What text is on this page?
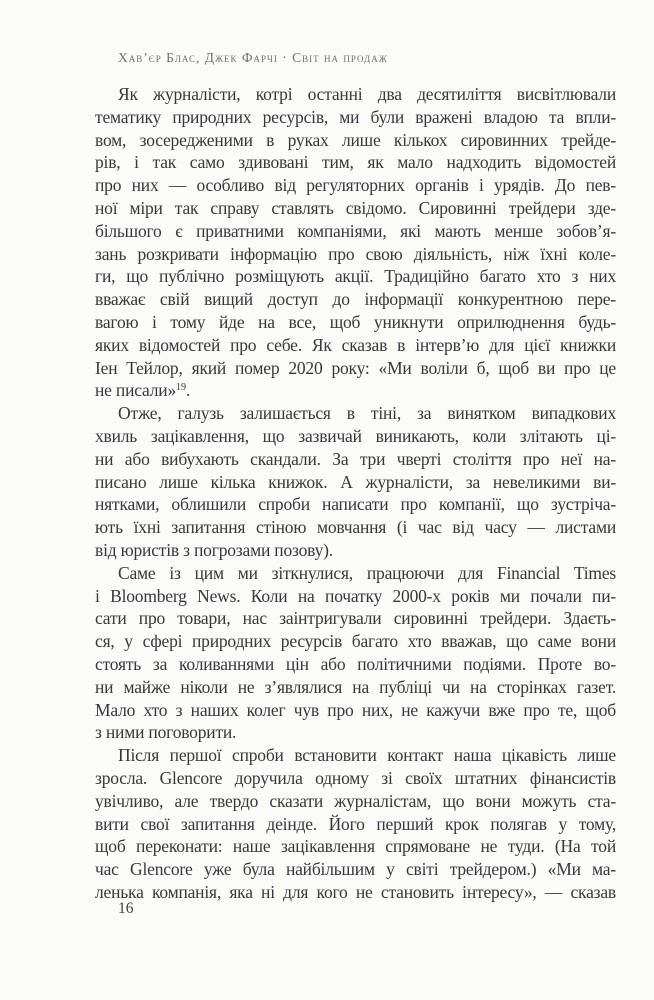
Хав’єр Блас, Джек Фарчі · Світ на продаж
Як журналісти, котрі останні два десятиліття висвітлювали
тематику природних ресурсів, ми були вражені владою та впли-
вом, зосередженими в руках лише кількох сировинних трейде-
рів, і так само здивовані тим, як мало надходить відомостей
про них — особливо від регуляторних органів і урядів. До пев-
ної міри так справу ставлять свідомо. Сировинні трейдери зде-
більшого є приватними компаніями, які мають менше зобов’я-
зань розкривати інформацію про свою діяльність, ніж їхні коле-
ги, що публічно розміщують акції. Традиційно багато хто з них
вважає свій вищий доступ до інформації конкурентною пере-
вагою і тому йде на все, щоб уникнути оприлюднення будь-
яких відомостей про себе. Як сказав в інтерв’ю для цієї книжки
Іен Тейлор, який помер 2020 року: «Ми воліли б, щоб ви про це
не писали»$^{19}$.
Отже, галузь залишається в тіні, за винятком випадкових
хвиль зацікавлення, що зазвичай виникають, коли злітають ці-
ни або вибухають скандали. За три чверті століття про неї на-
писано лише кілька книжок. А журналісти, за невеликими ви-
нятками, облишили спроби написати про компанії, що зустріча-
ють їхні запитання стіною мовчання (і час від часу — листами
від юристів з погрозами позову).
Саме із цим ми зіткнулися, працюючи для Financial Times
і Bloomberg News. Коли на початку 2000-х років ми почали пи-
сати про товари, нас заінтригували сировинні трейдери. Здаєть-
ся, у сфері природних ресурсів багато хто вважав, що саме вони
стоять за коливаннями цін або політичними подіями. Проте во-
ни майже ніколи не з’являлися на публіці чи на сторінках газет.
Мало хто з наших колег чув про них, не кажучи вже про те, щоб
з ними поговорити.
Після першої спроби встановити контакт наша цікавість лише
зросла. Glencore доручила одному зі своїх штатних фінансистів
увічливо, але твердо сказати журналістам, що вони можуть ста-
вити свої запитання деінде. Його перший крок полягав у тому,
щоб переконати: наше зацікавлення спрямоване не туди. (На той
час Glencore уже була найбільшим у світі трейдером.) «Ми ма-
ленька компанія, яка ні для кого не становить інтересу», — сказав
16
